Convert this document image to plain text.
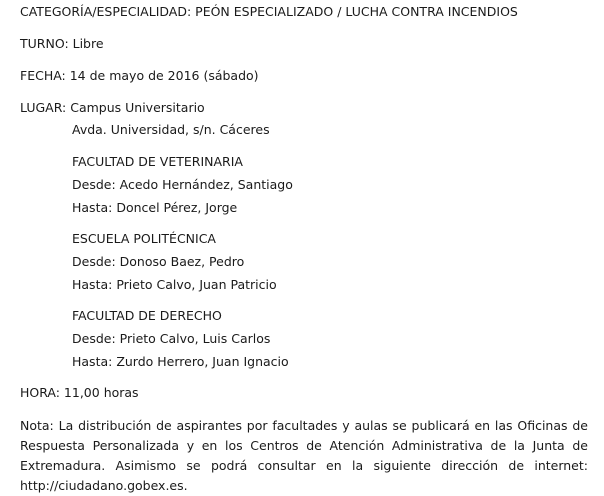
CATEGORÍA/ESPECIALIDAD: PEÓN ESPECIALIZADO / LUCHA CONTRA INCENDIOS
TURNO: Libre
FECHA: 14 de mayo de 2016 (sábado)
LUGAR: Campus Universitario
Avda. Universidad, s/n. Cáceres
FACULTAD DE VETERINARIA
Desde: Acedo Hernández, Santiago
Hasta: Doncel Pérez, Jorge
ESCUELA POLITÉCNICA
Desde: Donoso Baez, Pedro
Hasta: Prieto Calvo, Juan Patricio
FACULTAD DE DERECHO
Desde: Prieto Calvo, Luis Carlos
Hasta: Zurdo Herrero, Juan Ignacio
HORA: 11,00 horas
Nota: La distribución de aspirantes por facultades y aulas se publicará en las Oficinas de Respuesta Personalizada y en los Centros de Atención Administrativa de la Junta de Extremadura. Asimismo se podrá consultar en la siguiente dirección de internet: http://ciudadano.gobex.es.
